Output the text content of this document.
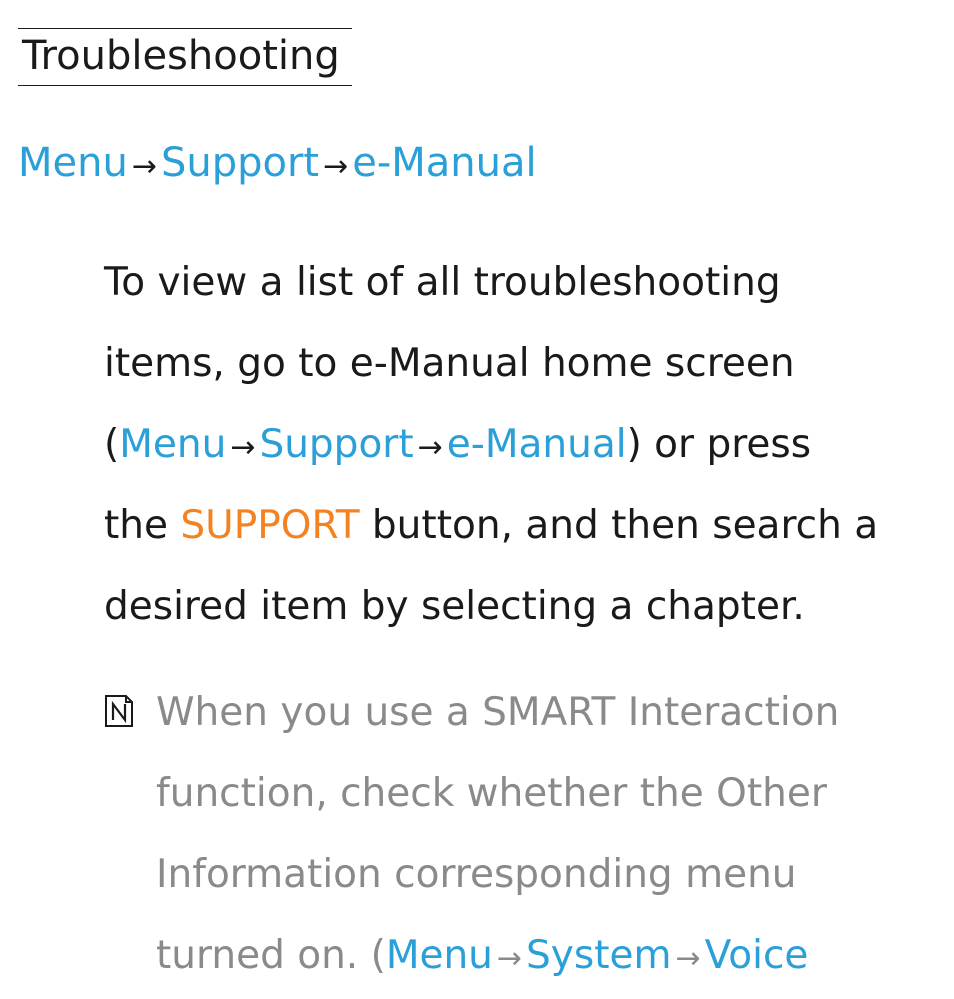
Troubleshooting
Menu → Support → e-Manual
To view a list of all troubleshooting
items, go to e-Manual home screen
(Menu → Support → e-Manual) or press
the SUPPORT button, and then search a
desired item by selecting a chapter.
When you use a SMART Interaction
function, check whether the Other
Information corresponding menu
turned on. (Menu → System → Voice
